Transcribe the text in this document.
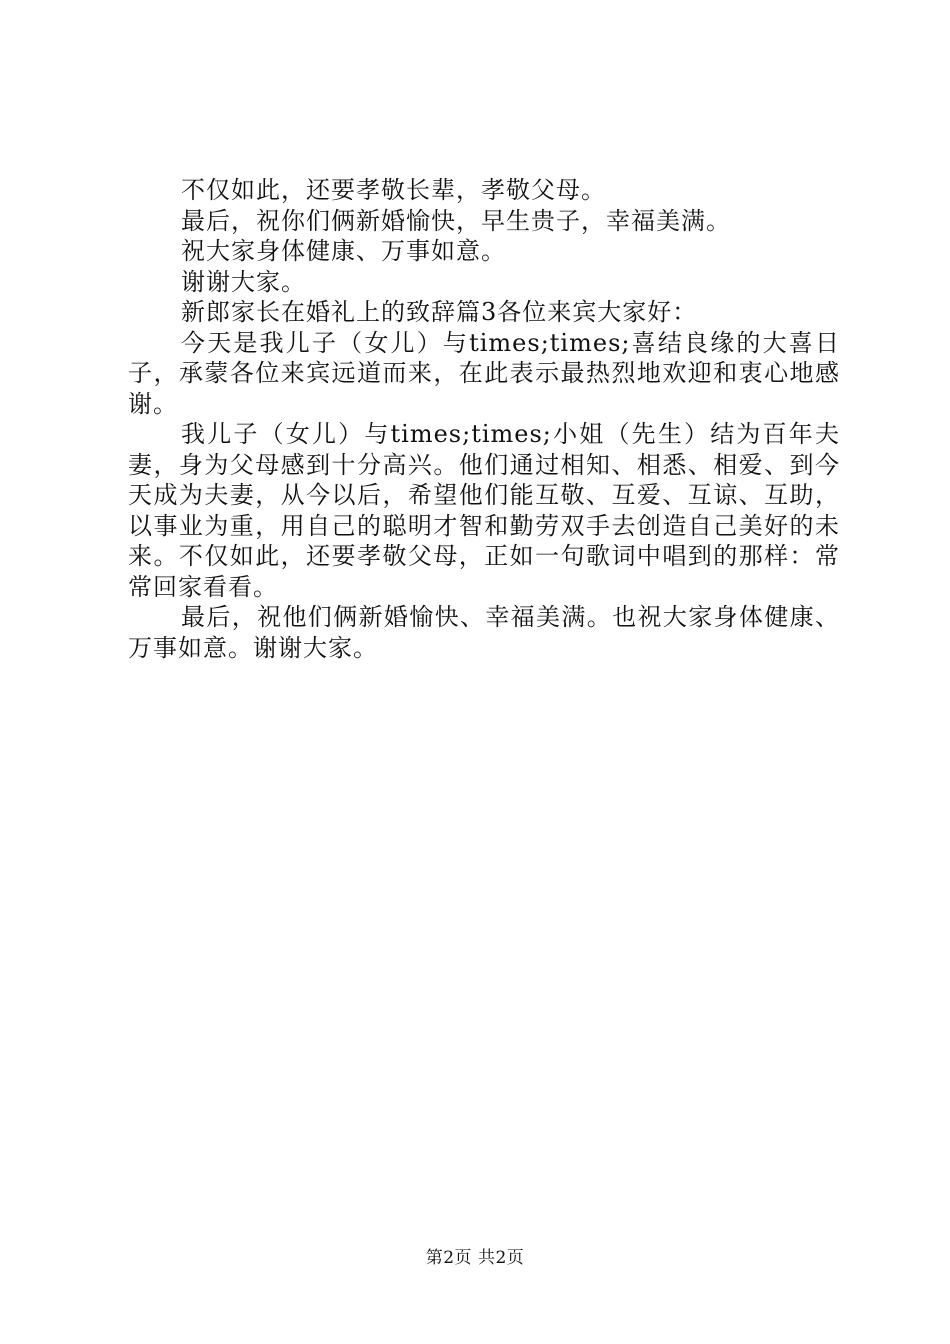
不仅如此，还要孝敬长辈，孝敬父母。

最后，祝你们俩新婚愉快，早生贵子，幸福美满。

祝大家身体健康、万事如意。

谢谢大家。

新郎家长在婚礼上的致辞篇3各位来宾大家好：

今天是我儿子（女儿）与times;times;喜结良缘的大喜日子，承蒙各位来宾远道而来，在此表示最热烈地欢迎和衷心地感谢。

我儿子（女儿）与times;times;小姐（先生）结为百年夫妻，身为父母感到十分高兴。他们通过相知、相悉、相爱、到今天成为夫妻，从今以后，希望他们能互敬、互爱、互谅、互助，以事业为重，用自己的聪明才智和勤劳双手去创造自己美好的未来。不仅如此，还要孝敬父母，正如一句歌词中唱到的那样：常常回家看看。

最后，祝他们俩新婚愉快、幸福美满。也祝大家身体健康、万事如意。谢谢大家。

第2页 共2页
